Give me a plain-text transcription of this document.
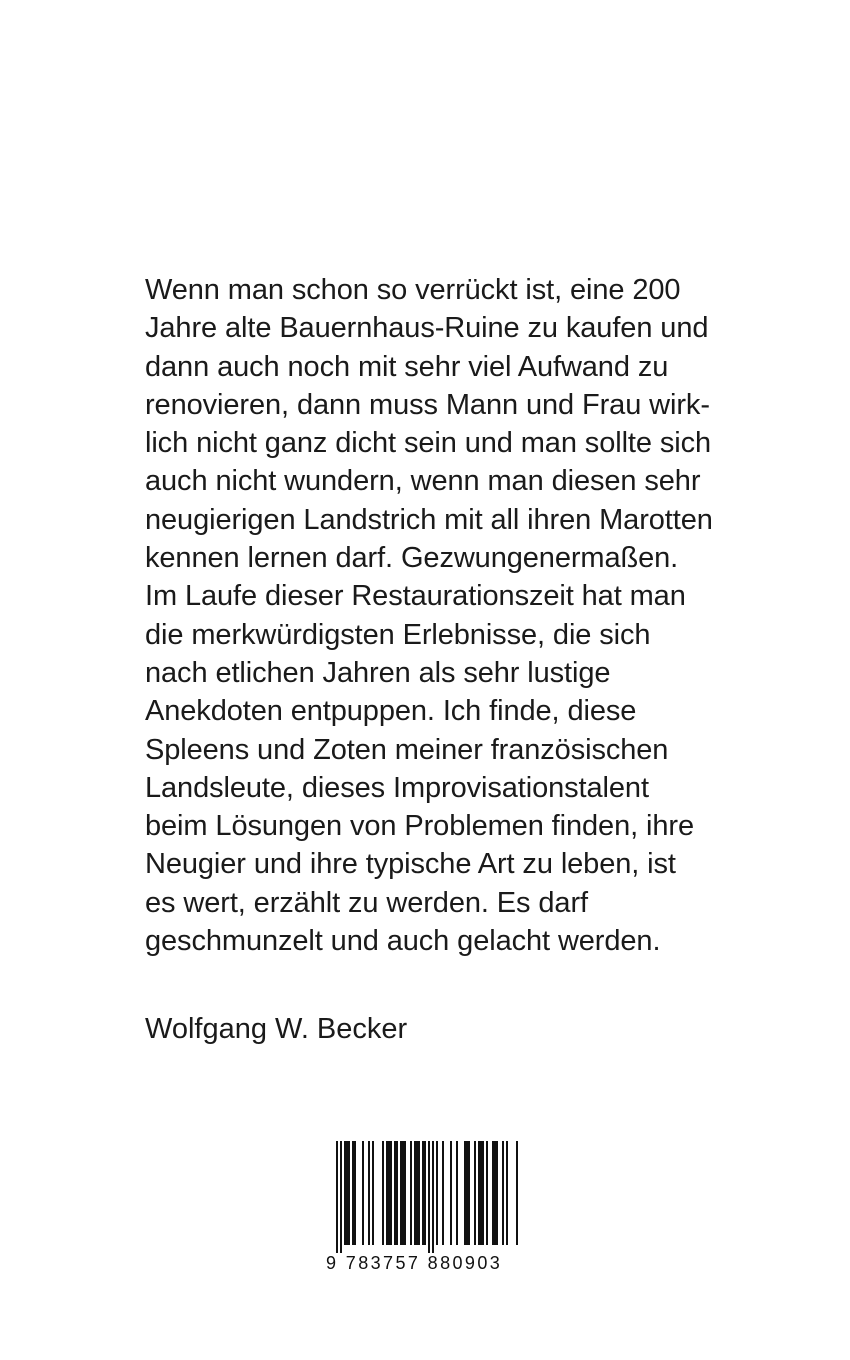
Wenn man schon so verrückt ist, eine 200
Jahre alte Bauernhaus-Ruine zu kaufen und
dann auch noch mit sehr viel Aufwand zu
renovieren, dann muss Mann und Frau wirk-
lich nicht ganz dicht sein und man sollte sich
auch nicht wundern, wenn man diesen sehr
neugierigen Landstrich mit all ihren Marotten
kennen lernen darf. Gezwungenermaßen.
Im Laufe dieser Restaurationszeit hat man
die merkwürdigsten Erlebnisse, die sich
nach etlichen Jahren als sehr lustige
Anekdoten entpuppen. Ich finde, diese
Spleens und Zoten meiner französischen
Landsleute, dieses Improvisationstalent
beim Lösungen von Problemen finden, ihre
Neugier und ihre typische Art zu leben, ist
es wert, erzählt zu werden. Es darf
geschmunzelt und auch gelacht werden.
Wolfgang W. Becker
9 783757 880903
